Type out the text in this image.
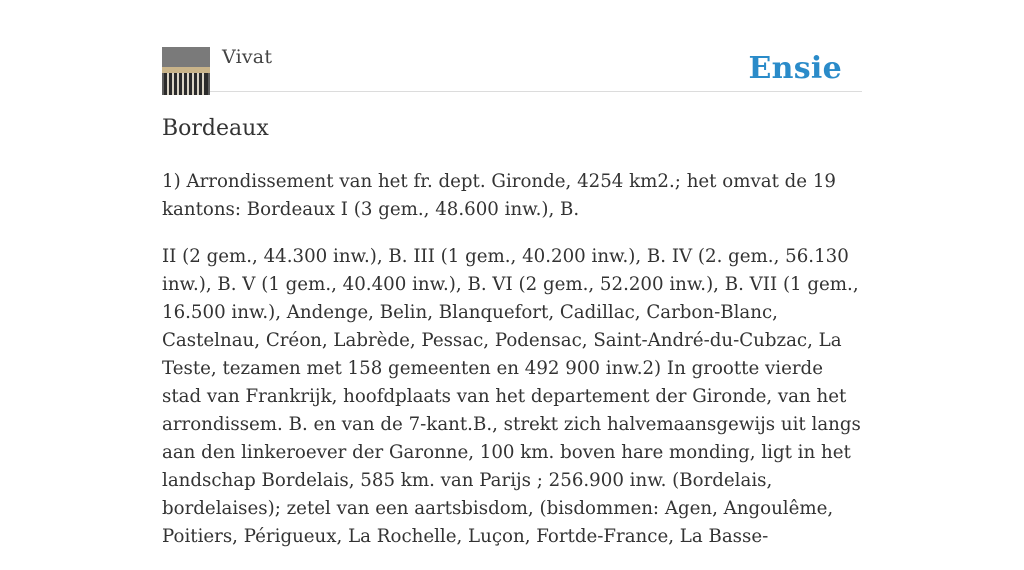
Vivat	Ensie
Bordeaux

1) Arrondissement van het fr. dept. Gironde, 4254 km2.; het omvat de 19 kantons: Bordeaux I (3 gem., 48.600 inw.), B.

II (2 gem., 44.300 inw.), B. III (1 gem., 40.200 inw.), B. IV (2. gem., 56.130 inw.), B. V (1 gem., 40.400 inw.), B. VI (2 gem., 52.200 inw.), B. VII (1 gem., 16.500 inw.), Andenge, Belin, Blanquefort, Cadillac, Carbon-Blanc, Castelnau, Créon, Labrède, Pessac, Podensac, Saint-André-du-Cubzac, La Teste, tezamen met 158 gemeenten en 492 900 inw.2) In grootte vierde stad van Frankrijk, hoofdplaats van het departement der Gironde, van het arrondissem. B. en van de 7-kant.B., strekt zich halvemaansgewijs uit langs aan den linkeroever der Garonne, 100 km. boven hare monding, ligt in het landschap Bordelais, 585 km. van Parijs ; 256.900 inw. (Bordelais, bordelaises); zetel van een aartsbisdom, (bisdommen: Agen, Angoulême, Poitiers, Périgueux, La Rochelle, Luçon, Fortde-France, La Basse-
